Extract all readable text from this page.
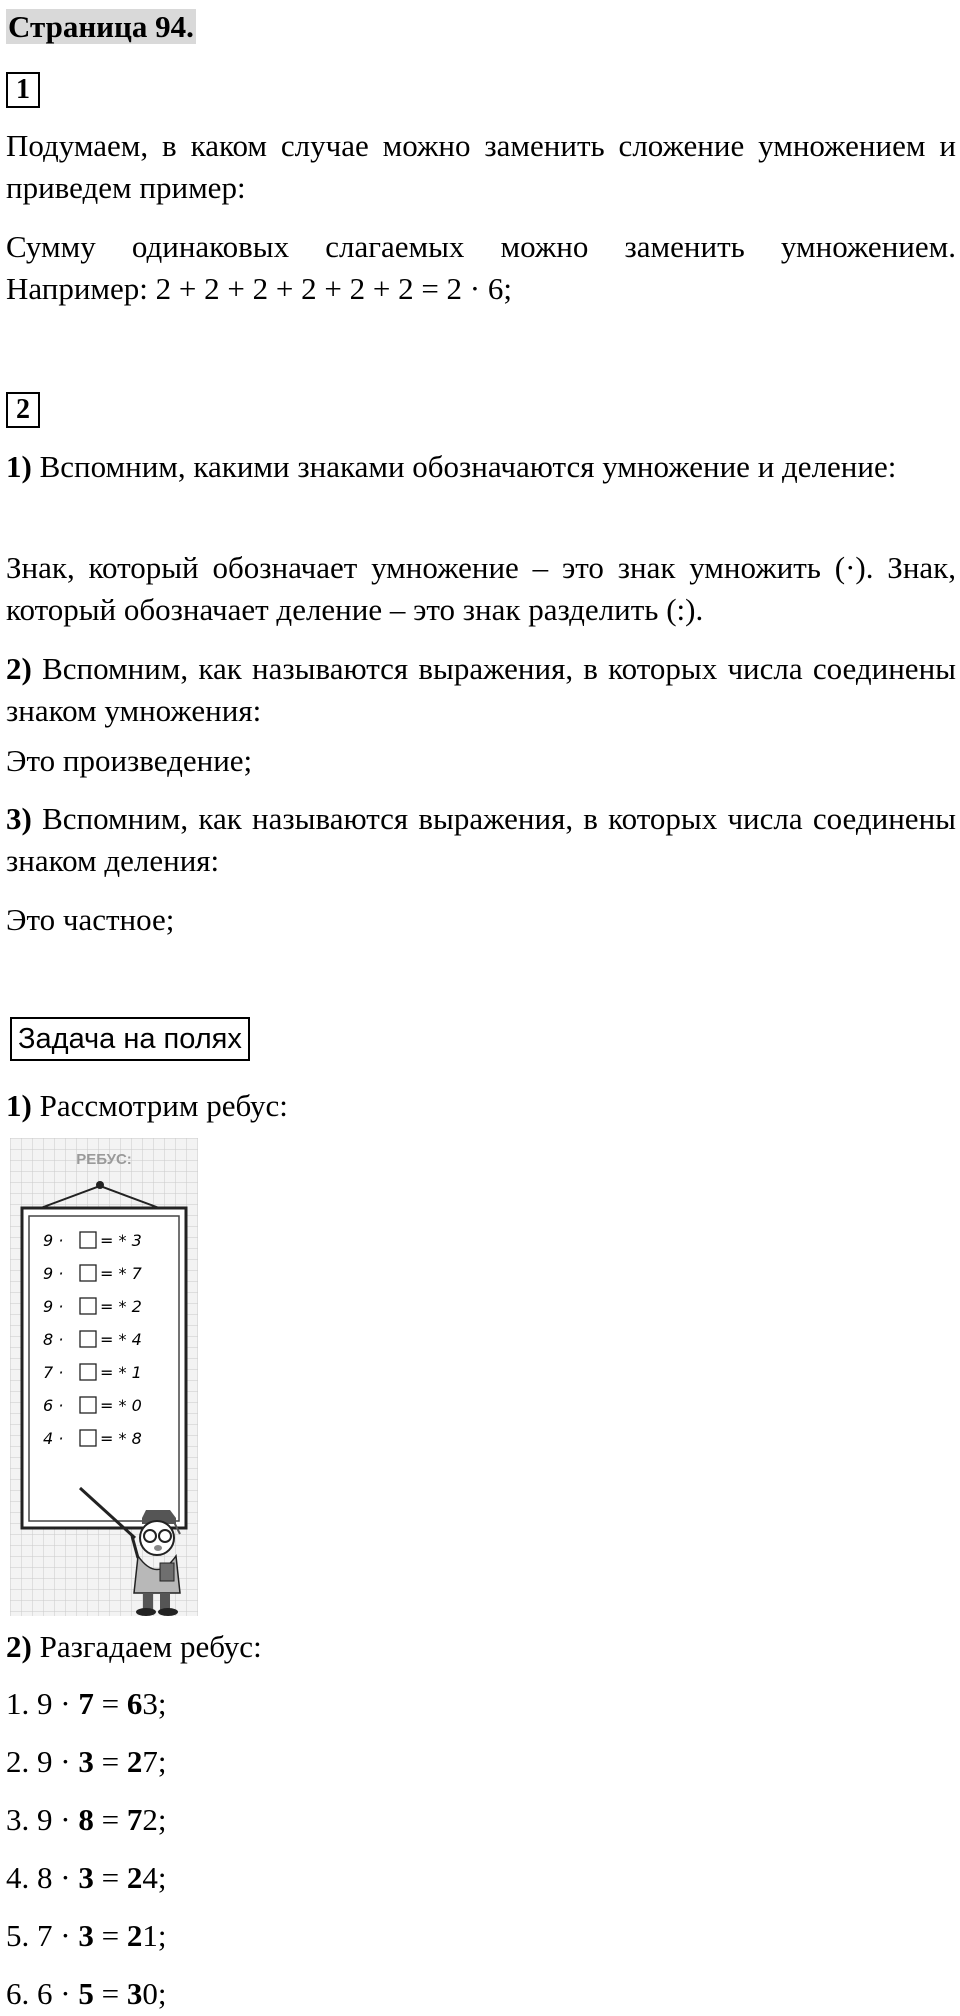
Страница 94.
1
Подумаем, в каком случае можно заменить сложение умножением и приведем пример:
Сумму одинаковых слагаемых можно заменить умножением. Например: 2 + 2 + 2 + 2 + 2 + 2 = 2 · 6;
2
1) Вспомним, какими знаками обозначаются умножение и деление:
Знак, который обозначает умножение – это знак умножить (·). Знак, который обозначает деление – это знак разделить (:).
2) Вспомним, как называются выражения, в которых числа соединены знаком умножения:
Это произведение;
3) Вспомним, как называются выражения, в которых числа соединены знаком деления:
Это частное;
Задача на полях
1) Рассмотрим ребус:
РЕБУС:
9 · = * 3
9 · = * 7
9 · = * 2
8 · = * 4
7 · = * 1
6 · = * 0
4 · = * 8
2) Разгадаем ребус:
1. 9 · 7 = 63;
2. 9 · 3 = 27;
3. 9 · 8 = 72;
4. 8 · 3 = 24;
5. 7 · 3 = 21;
6. 6 · 5 = 30;
